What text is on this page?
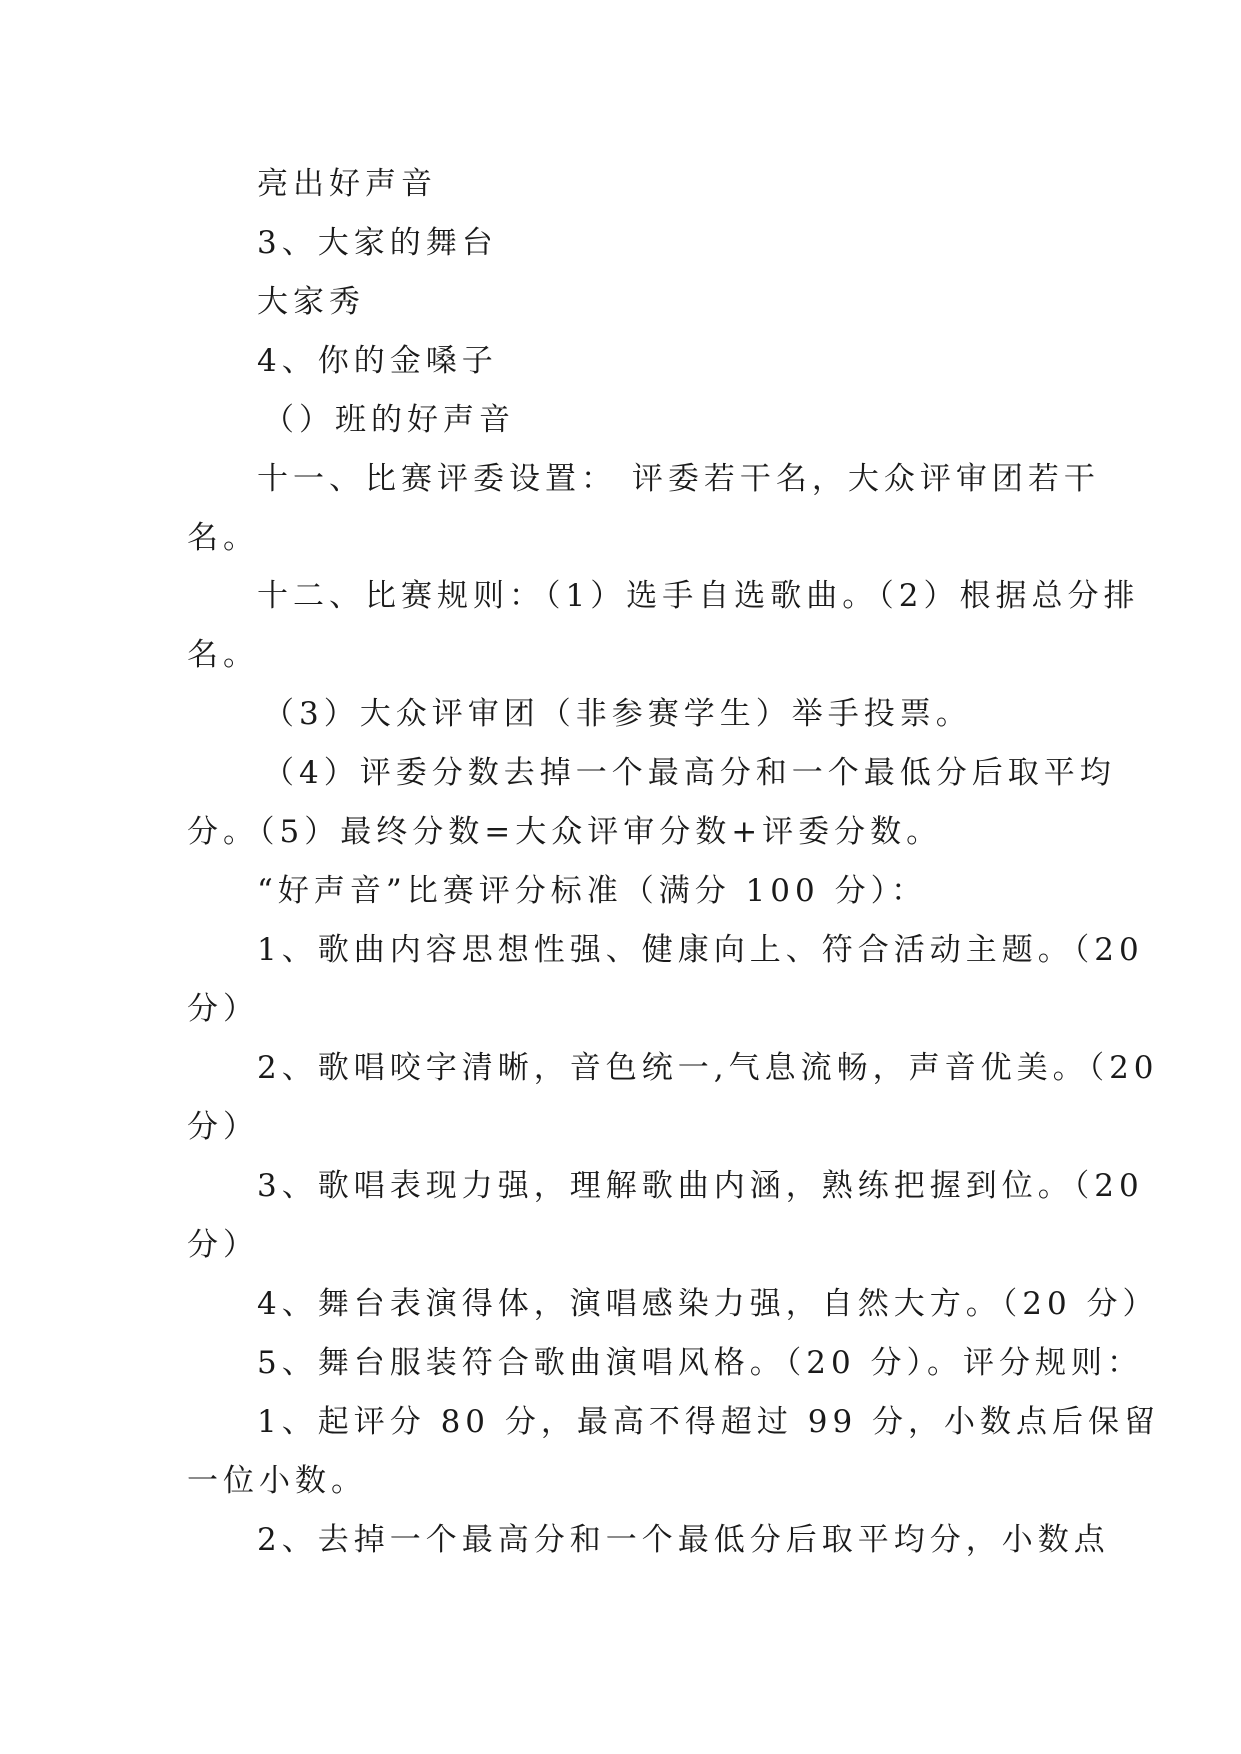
亮出好声音
3、大家的舞台
大家秀
4、你的金嗓子
（）班的好声音
十一、比赛评委设置： 评委若干名，大众评审团若干
名。
十二、比赛规则：（1）选手自选歌曲。（2）根据总分排
名。
（3）大众评审团（非参赛学生）举手投票。
（4）评委分数去掉一个最高分和一个最低分后取平均
分。（5）最终分数=大众评审分数+评委分数。
“好声音”比赛评分标准（满分 100 分）：
1、歌曲内容思想性强、健康向上、符合活动主题。（20
分）
2、歌唱咬字清晰，音色统一,气息流畅，声音优美。（20
分）
3、歌唱表现力强，理解歌曲内涵，熟练把握到位。（20
分）
4、舞台表演得体，演唱感染力强，自然大方。（20 分）
5、舞台服装符合歌曲演唱风格。（20 分）。评分规则：
1、起评分 80 分，最高不得超过 99 分，小数点后保留
一位小数。
2、去掉一个最高分和一个最低分后取平均分，小数点
